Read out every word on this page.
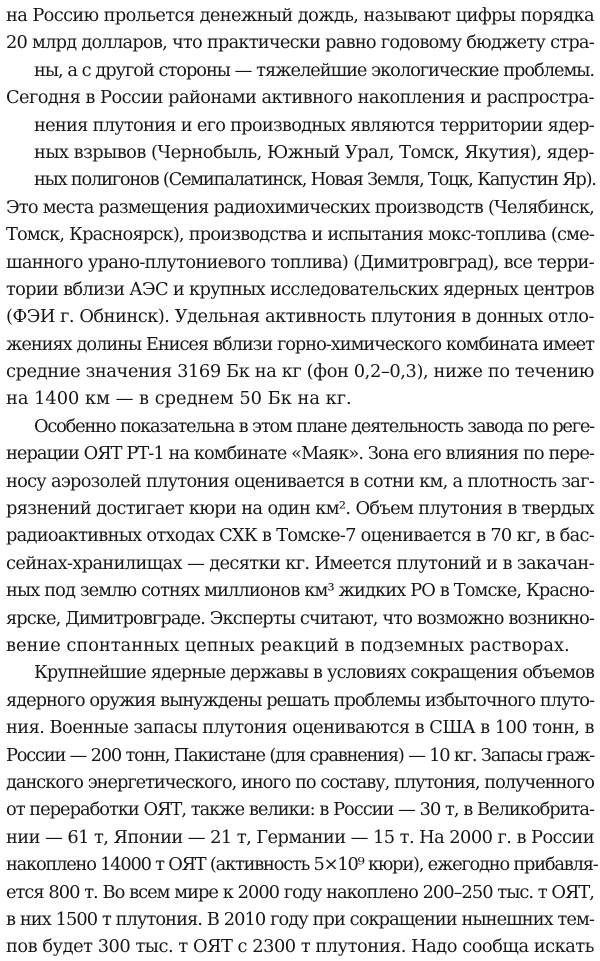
на Россию прольется денежный дождь, называют цифры порядка
20 млрд долларов, что практически равно годовому бюджету стра-
ны, а с другой стороны — тяжелейшие экологические проблемы.
Сегодня в России районами активного накопления и распростра-
нения плутония и его производных являются территории ядер-
ных взрывов (Чернобыль, Южный Урал, Томск, Якутия), ядер-
ных полигонов (Семипалатинск, Новая Земля, Тоцк, Капустин Яр).
Это места размещения радиохимических производств (Челябинск,
Томск, Красноярск), производства и испытания мокс-топлива (сме-
шанного урано-плутониевого топлива) (Димитровград), все терри-
тории вблизи АЭС и крупных исследовательских ядерных центров
(ФЭИ г. Обнинск). Удельная активность плутония в донных отло-
жениях долины Енисея вблизи горно-химического комбината имеет
средние значения 3169 Бк на кг (фон 0,2–0,3), ниже по течению
на 1400 км — в среднем 50 Бк на кг.
Особенно показательна в этом плане деятельность завода по реге-
нерации ОЯТ РТ-1 на комбинате «Маяк». Зона его влияния по пере-
носу аэрозолей плутония оценивается в сотни км, а плотность заг-
рязнений достигает кюри на один км². Объем плутония в твердых
радиоактивных отходах СХК в Томске-7 оценивается в 70 кг, в бас-
сейнах-хранилищах — десятки кг. Имеется плутоний и в закачан-
ных под землю сотнях миллионов км³ жидких РО в Томске, Красно-
ярске, Димитровграде. Эксперты считают, что возможно возникно-
вение спонтанных цепных реакций в подземных растворах.
Крупнейшие ядерные державы в условиях сокращения объемов
ядерного оружия вынуждены решать проблемы избыточного плуто-
ния. Военные запасы плутония оцениваются в США в 100 тонн, в
России — 200 тонн, Пакистане (для сравнения) — 10 кг. Запасы граж-
данского энергетического, иного по составу, плутония, полученного
от переработки ОЯТ, также велики: в России — 30 т, в Великобрита-
нии — 61 т, Японии — 21 т, Германии — 15 т. На 2000 г. в России
накоплено 14000 т ОЯТ (активность 5×10⁹ кюри), ежегодно прибавля-
ется 800 т. Во всем мире к 2000 году накоплено 200–250 тыс. т ОЯТ,
в них 1500 т плутония. В 2010 году при сокращении нынешних тем-
пов будет 300 тыс. т ОЯТ с 2300 т плутония. Надо сообща искать
